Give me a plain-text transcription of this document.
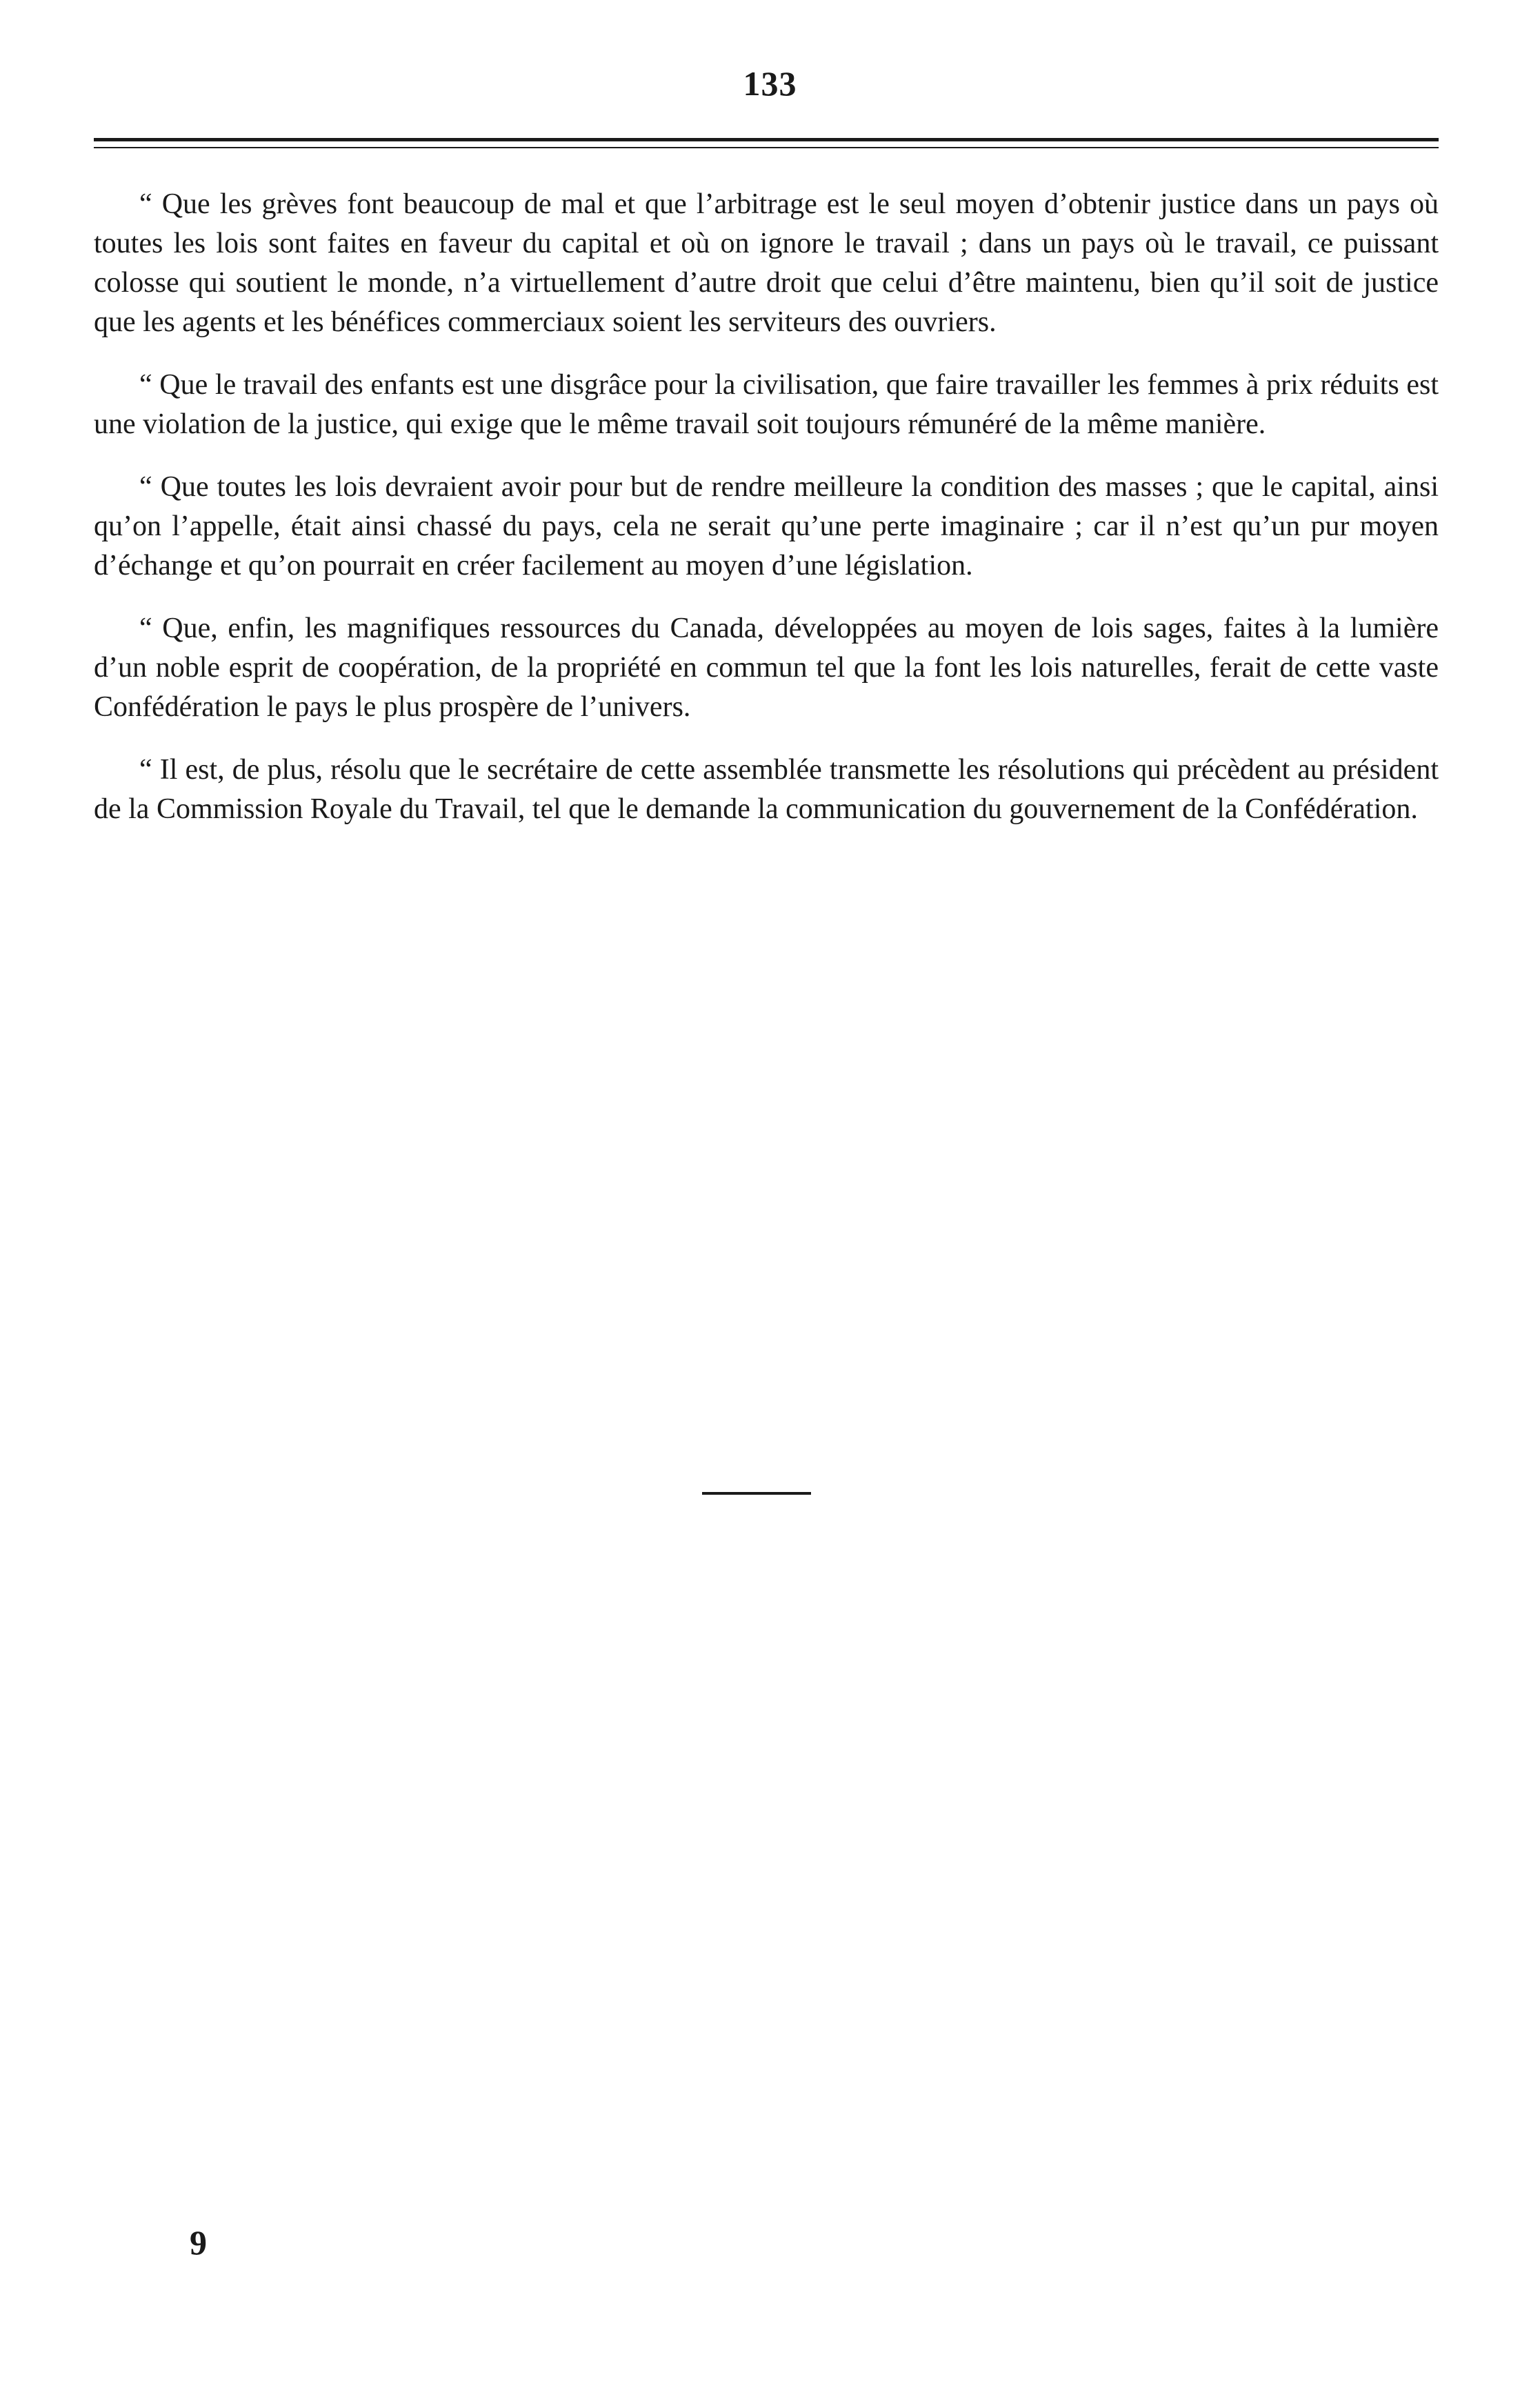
133

“ Que les grèves font beaucoup de mal et que l’arbitrage est le seul moyen d’obtenir justice dans un pays où toutes les lois sont faites en faveur du capital et où on ignore le travail ; dans un pays où le travail, ce puissant colosse qui soutient le monde, n’a virtuellement d’autre droit que celui d’être maintenu, bien qu’il soit de justice que les agents et les bénéfices commerciaux soient les serviteurs des ouvriers.

“ Que le travail des enfants est une disgrâce pour la civilisation, que faire travailler les femmes à prix réduits est une violation de la justice, qui exige que le même travail soit toujours rémunéré de la même manière.

“ Que toutes les lois devraient avoir pour but de rendre meilleure la condition des masses ; que le capital, ainsi qu’on l’appelle, était ainsi chassé du pays, cela ne serait qu’une perte imaginaire ; car il n’est qu’un pur moyen d’échange et qu’on pourrait en créer facilement au moyen d’une législation.

“ Que, enfin, les magnifiques ressources du Canada, développées au moyen de lois sages, faites à la lumière d’un noble esprit de coopération, de la propriété en commun tel que la font les lois naturelles, ferait de cette vaste Confédération le pays le plus prospère de l’univers.

“ Il est, de plus, résolu que le secrétaire de cette assemblée transmette les résolutions qui précèdent au président de la Commission Royale du Travail, tel que le demande la communication du gouvernement de la Confédération.

9
